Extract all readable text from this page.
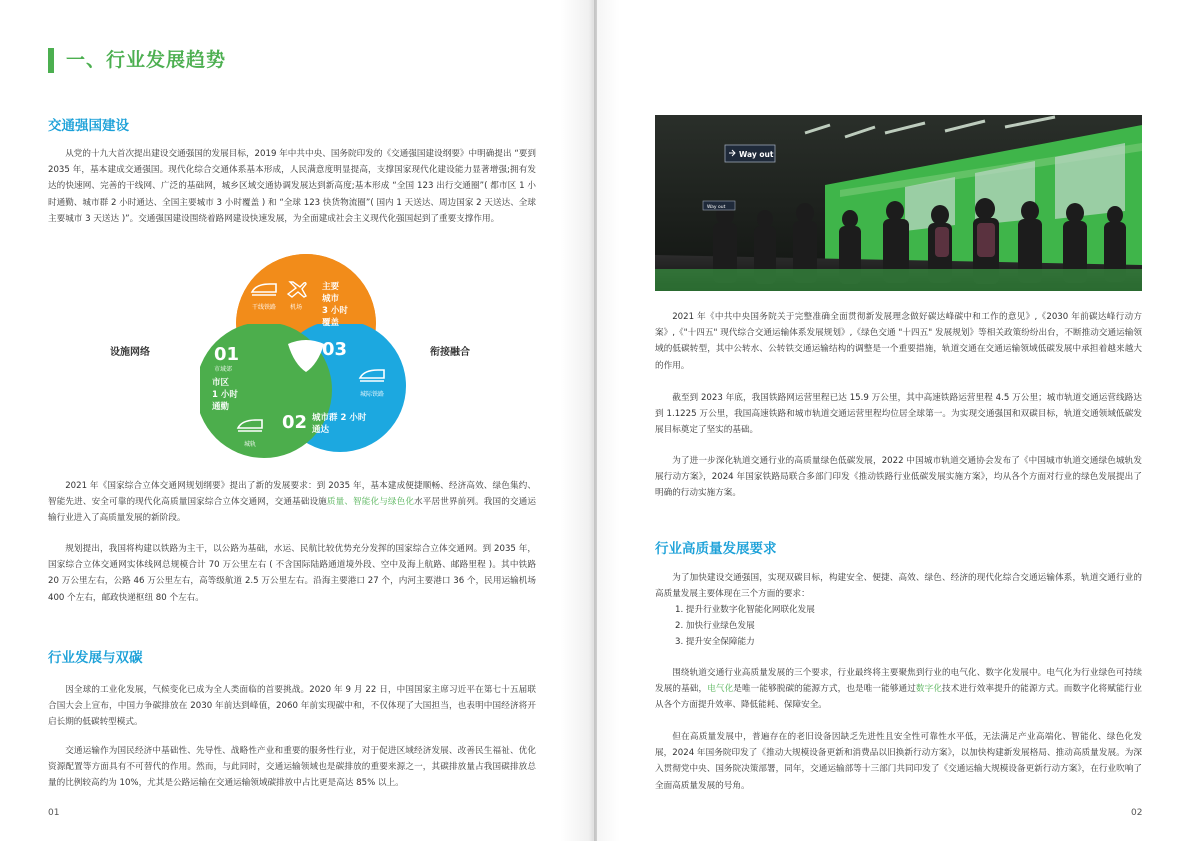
一、行业发展趋势
交通强国建设

从党的十九大首次提出建设交通强国的发展目标，2019 年中共中央、国务院印发的《交通强国建设纲要》中明确提出 “要到 2035 年，基本建成交通强国。现代化综合交通体系基本形成，人民满意度明显提高，支撑国家现代化建设能力显著增强;拥有发达的快速网、完善的干线网、广泛的基础网，城乡区域交通协调发展达到新高度;基本形成 “全国 123 出行交通圈”( 都市区 1 小时通勤、城市群 2 小时通达、全国主要城市 3 小时覆盖 ) 和 “全球 123 快货物流圈”( 国内 1 天送达、周边国家 2 天送达、全球主要城市 3 天送达 )”。交通强国建设围绕着路网建设快速发展，为全面建成社会主义现代化强国起到了重要支撑作用。

设施网络	衔接融合
干线铁路 机场
主要
城市
3 小时
覆盖
03
01
市域郊
市区
1 小时
通勤
城轨
城际铁路
02 城市群 2 小时
通达

2021 年《国家综合立体交通网规划纲要》提出了新的发展要求：到 2035 年，基本建成便捷顺畅、经济高效、绿色集约、智能先进、安全可靠的现代化高质量国家综合立体交通网，交通基础设施质量、智能化与绿色化水平居世界前列。我国的交通运输行业进入了高质量发展的新阶段。

规划提出，我国将构建以铁路为主干，以公路为基础，水运、民航比较优势充分发挥的国家综合立体交通网。到 2035 年，国家综合立体交通网实体线网总规模合计 70 万公里左右 ( 不含国际陆路通道境外段、空中及海上航路、邮路里程 )。其中铁路 20 万公里左右，公路 46 万公里左右，高等级航道 2.5 万公里左右。沿海主要港口 27 个，内河主要港口 36 个，民用运输机场 400 个左右，邮政快递枢纽 80 个左右。

行业发展与双碳

因全球的工业化发展，气候变化已成为全人类面临的首要挑战。2020 年 9 月 22 日，中国国家主席习近平在第七十五届联合国大会上宣布，中国力争碳排放在 2030 年前达到峰值，2060 年前实现碳中和，不仅体现了大国担当，也表明中国经济将开启长期的低碳转型模式。

交通运输作为国民经济中基础性、先导性、战略性产业和重要的服务性行业，对于促进区域经济发展、改善民生福祉、优化资源配置等方面具有不可替代的作用。然而，与此同时，交通运输领域也是碳排放的重要来源之一，其碳排放量占我国碳排放总量的比例较高约为 10%，尤其是公路运输在交通运输领域碳排放中占比更是高达 85% 以上。

01
Way out
Way out

2021 年《中共中央国务院关于完整准确全面贯彻新发展理念做好碳达峰碳中和工作的意见》,《2030 年前碳达峰行动方案》,《"十四五" 现代综合交通运输体系发展规划》,《绿色交通 "十四五" 发展规划》等相关政策纷纷出台，不断推动交通运输领域的低碳转型，其中公转水、公转铁交通运输结构的调整是一个重要措施，轨道交通在交通运输领域低碳发展中承担着越来越大的作用。

截至到 2023 年底，我国铁路网运营里程已达 15.9 万公里，其中高速铁路运营里程 4.5 万公里；城市轨道交通运营线路达到 1.1225 万公里，我国高速铁路和城市轨道交通运营里程均位居全球第一。为实现交通强国和双碳目标，轨道交通领域低碳发展目标奠定了坚实的基础。

为了进一步深化轨道交通行业的高质量绿色低碳发展，2022 中国城市轨道交通协会发布了《中国城市轨道交通绿色城轨发展行动方案》，2024 年国家铁路局联合多部门印发《推动铁路行业低碳发展实施方案》，均从各个方面对行业的绿色发展提出了明确的行动实施方案。

行业高质量发展要求

为了加快建设交通强国，实现双碳目标，构建安全、便捷、高效、绿色、经济的现代化综合交通运输体系，轨道交通行业的高质量发展主要体现在三个方面的要求：

1. 提升行业数字化智能化网联化发展
2. 加快行业绿色发展
3. 提升安全保障能力

围绕轨道交通行业高质量发展的三个要求，行业最终将主要聚焦到行业的电气化、数字化发展中。电气化为行业绿色可持续发展的基础，电气化是唯一能够脱碳的能源方式，也是唯一能够通过数字化技术进行效率提升的能源方式。而数字化将赋能行业从各个方面提升效率、降低能耗、保障安全。

但在高质量发展中，普遍存在的老旧设备因缺乏先进性且安全性可靠性水平低，无法满足产业高端化、智能化、绿色化发展，2024 年国务院印发了《推动大规模设备更新和消费品以旧换新行动方案》，以加快构建新发展格局、推动高质量发展。为深入贯彻党中央、国务院决策部署，同年，交通运输部等十三部门共同印发了《交通运输大规模设备更新行动方案》，在行业吹响了全面高质量发展的号角。

02
